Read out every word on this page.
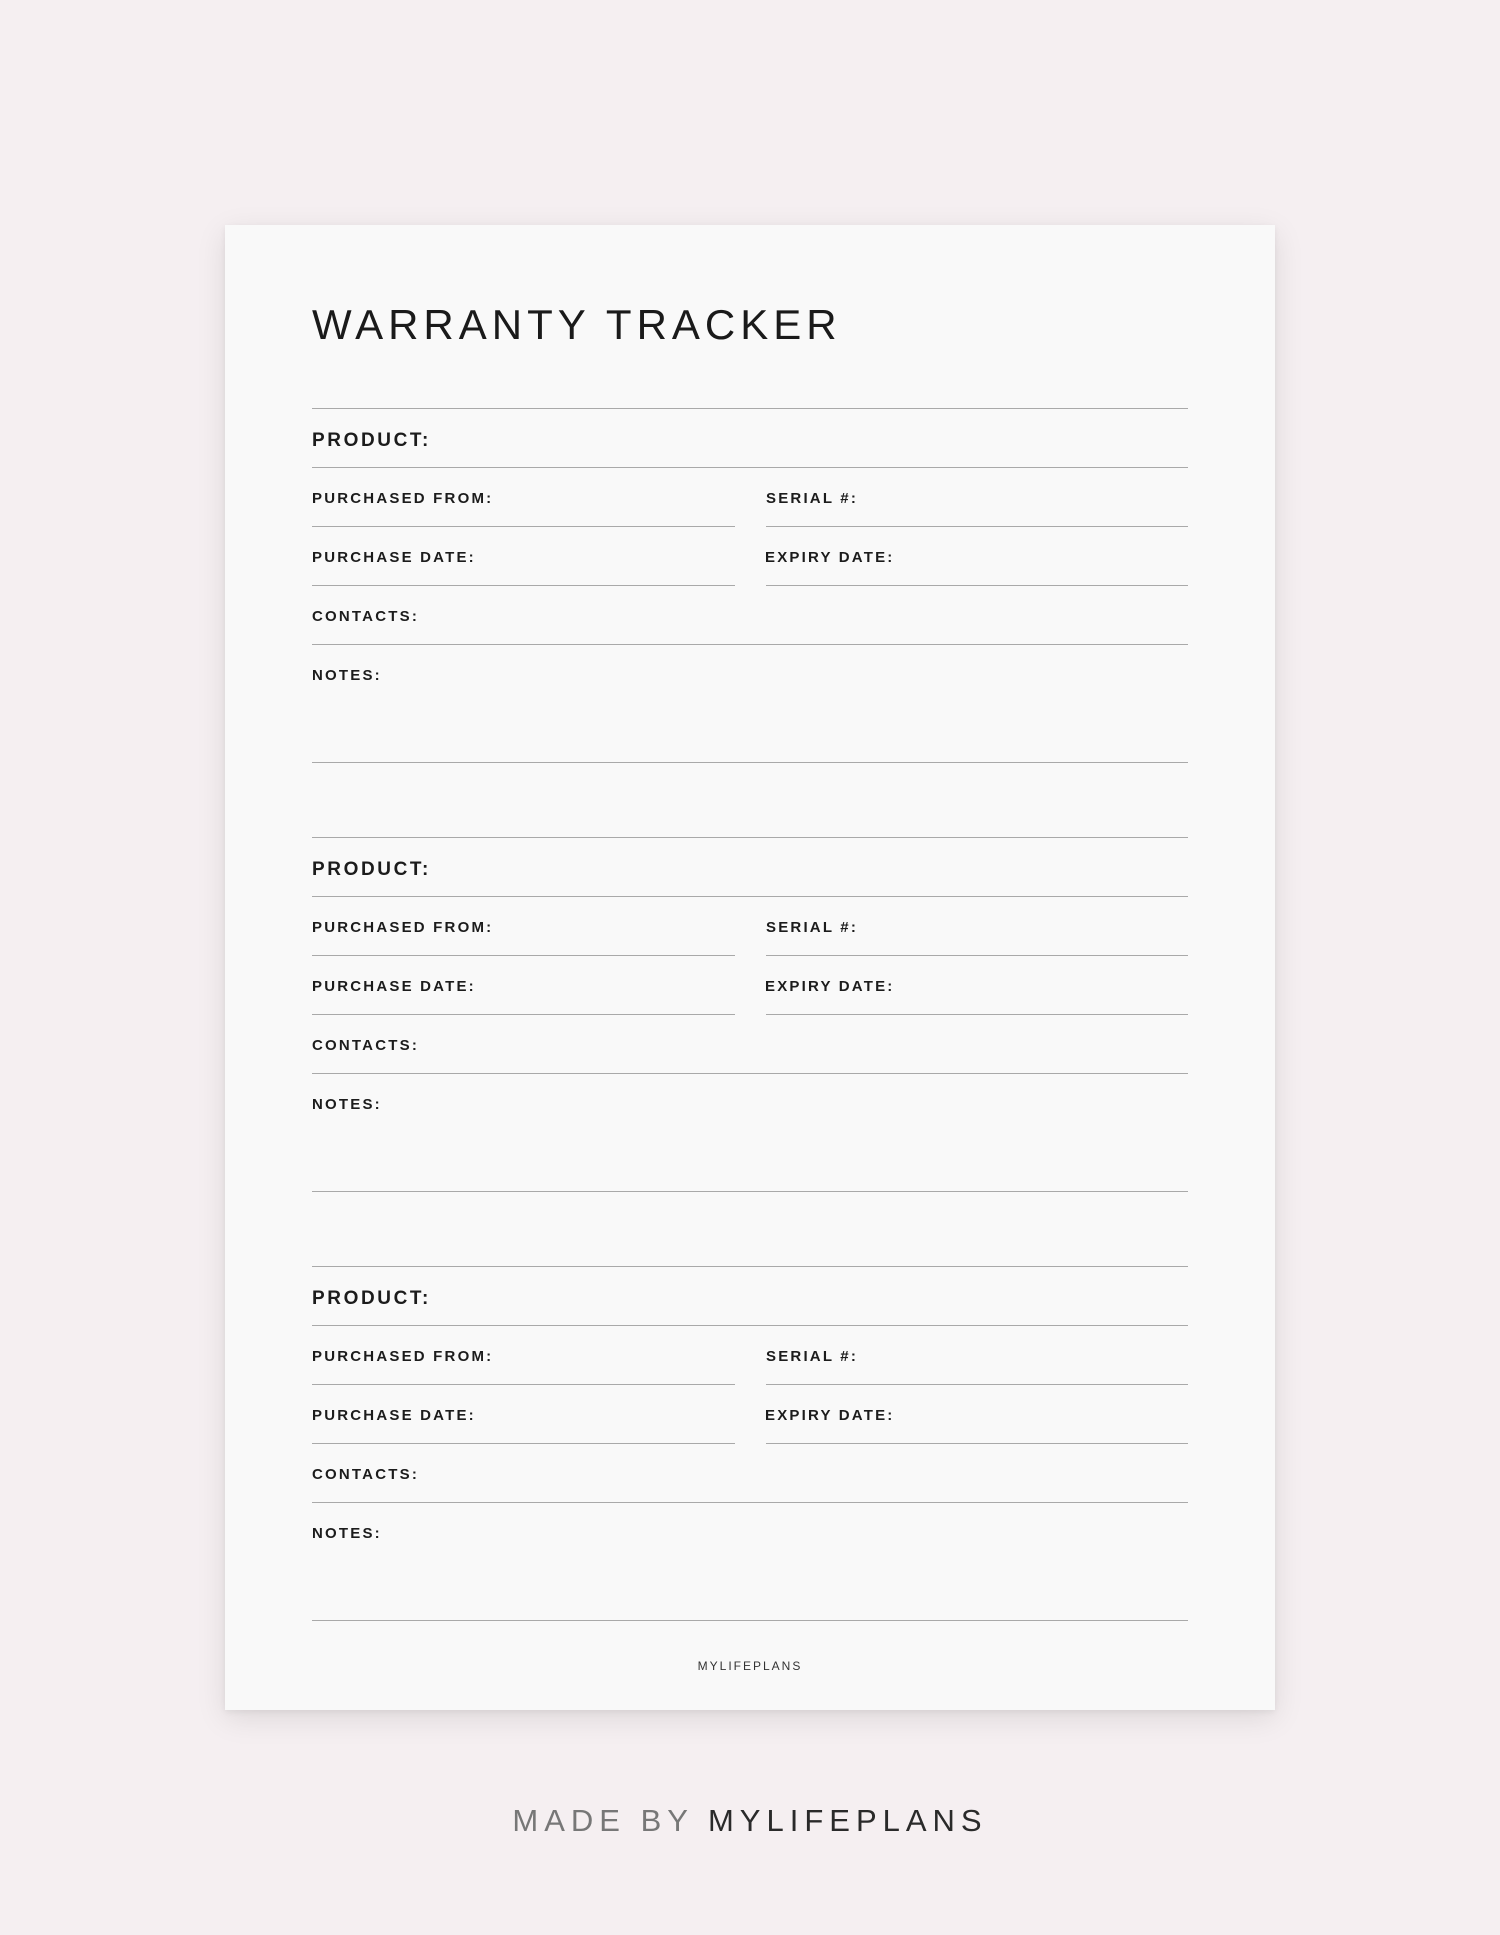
WARRANTY TRACKER
PRODUCT:
PURCHASED FROM:	SERIAL #:
PURCHASE DATE:	EXPIRY DATE:
CONTACTS:
NOTES:
PRODUCT:
PURCHASED FROM:	SERIAL #:
PURCHASE DATE:	EXPIRY DATE:
CONTACTS:
NOTES:
PRODUCT:
PURCHASED FROM:	SERIAL #:
PURCHASE DATE:	EXPIRY DATE:
CONTACTS:
NOTES:
MYLIFEPLANS
MADE BY MYLIFEPLANS
